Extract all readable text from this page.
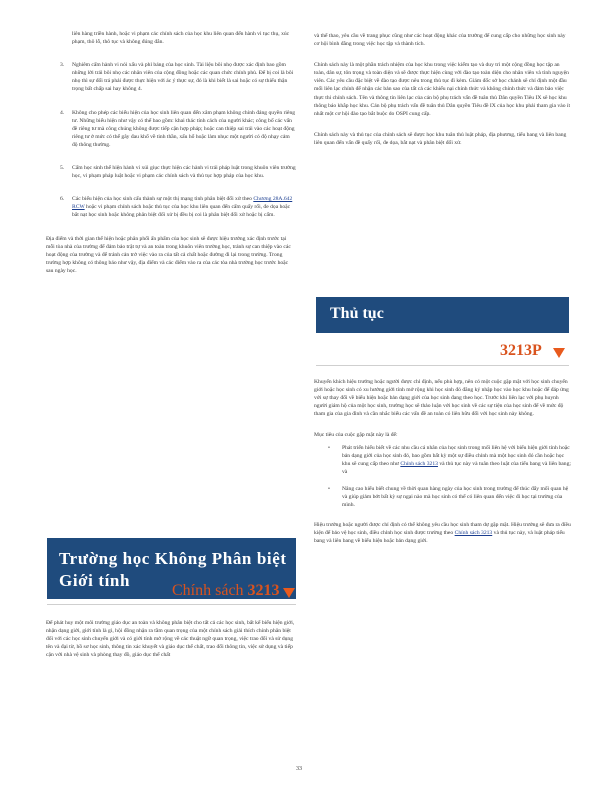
liên hàng triền hành, hoặc vi phạm các chính sách của học khu liên quan đến hành vi tục thụ, xúc phạm, thô lỗ, thô tục và không đúng đắn.

3. Nghiêm cấm hành vi nói xấu và phỉ báng của học sinh. Tài liệu bôi nhọ được xác định bao gồm những lời trái bôi nhọ các nhân viên của cộng đồng hoặc các quan chức chính phủ. Để bị coi là bôi nhọ thì sự đối trá phải được thực hiện với ác ý thực sự, đó là khi biết là sai hoặc có sự thiếu thận trọng bất chấp sai hay không 4.
4. Không cho phép các biểu hiện của học sinh liên quan đến xâm phạm không chính đáng quyền riêng tư. Những biểu hiện như vậy có thể bao gồm: khai thác tính cách của người khác; công bố các vấn đề riêng tư mà công chúng không được tiếp cận hợp pháp; hoặc can thiệp sai trái vào các hoạt động riêng tư ở mức có thể gây đau khổ về tinh thần, xấu hổ hoặc làm nhục một người có độ nhạy cảm độ thông thường.
5. Cấm học sinh thể hiện hành vi xúi giục thực hiện các hành vi trái pháp luật trong khuôn viên trường học, vi phạm pháp luật hoặc vi phạm các chính sách và thủ tục hợp pháp của học khu.
6. Các biểu hiện của học sinh cấu thành sự một thị mạng tình phân biệt đối xử theo Chương 28A.642 RCW hoặc vi phạm chính sách hoặc thủ tục của học khu liên quan đến cấm quấy rối, đe dọa hoặc bắt nạt học sinh hoặc không phân biệt đối xử bị đều bị coi là phân biệt đối xử hoặc bị cấm.

Địa điểm và thời gian thể hiện hoặc phân phối ấn phẩm của học sinh sẽ được hiệu trưởng xác định trước tại mỗi tòa nhà của trường để đảm bảo trật tự và an toàn trong khuôn viên trường học, tránh sự can thiệp vào các hoạt động của trường và để tránh cản trở việc vào ra của tất cả chất hoặc đường đi lại trong trường. Trong trường hợp không có thông báo như vậy, địa điểm và các điểm vào ra của các tòa nhà trường học trước hoặc sau ngày học.

Trường học Không Phân biệt Giới tính
Chính sách 3213

Để phát huy một môi trường giáo dục an toàn và không phân biệt cho tất cả các học sinh, bất kể biểu hiện giới, nhận dạng giới, giới tính là gì, hội đồng nhận ra tầm quan trọng của một chính sách giải thích chính phân biệt đối với các học sinh chuyển giới và có giới tính mở rộng về các thuật ngữ quan trọng, việc trao đổi và sử dụng tên và đại từ, hồ sơ học sinh, thông tin xác khuyết và giáo dục thể chất, trao đổi thông tin, việc sử dụng và tiếp cận với nhà vệ sinh và phòng thay đồ, giáo dục thể chất

và thể thao, yêu cầu về trang phục cũng như các hoạt động khác của trường để cung cấp cho những học sinh này cơ hội bình đẳng trong việc học tập và thành tích.

Chính sách này là một phần trách nhiệm của học khu trong việc kiểm tạo và duy trì một cộng đồng học tập an toàn, dân sự, tôn trọng và toàn diện và sẽ được thực hiện cùng với đào tạo toàn diện cho nhân viên và tình nguyện viên. Các yêu cầu đặc biệt về đào tạo được nêu trong thủ tục đi kèm. Giám đốc sở học chánh sẽ chỉ định một đầu mối liên lạc chính để nhận các bản sao của tất cả các khiếu nại chính thức và không chính thức và đảm bảo việc thực thi chính sách. Tên và thông tin liên lạc của cán bộ phụ trách vấn đề tuân thủ Dân quyền Tiêu IX sẽ học khu thông báo khắp học khu. Cán bộ phụ trách vấn đề tuân thủ Dân quyền Tiêu đề IX của học khu phải tham gia vào ít nhất một cơ hội đào tạo bắt buộc do OSPI cung cấp.

Chính sách này và thủ tục của chính sách sẽ được học khu tuân thủ luật pháp, địa phương, tiểu bang và liên bang liên quan đến vấn đề quấy rối, đe dọa, bắt nạt và phân biệt đối xử.

Thủ tục
3213P

Khuyến khích hiệu trưởng hoặc người được chỉ định, nếu phù hợp, nên có một cuộc gặp mặt với học sinh chuyển giới hoặc học sinh có xu hướng giới tính mở rộng khi học sinh đó đăng ký nhập học vào học khu hoặc để đáp ứng với sự thay đổi về biểu hiện hoặc bản dạng giới của học sinh đang theo học. Trước khi liên lạc với phụ huynh người giám hộ của một học sinh, trường học sẽ thảo luận với học sinh về các sự tiện của học sinh để về mức độ tham gia của gia đình và cần nhắc biểu các vấn đề an toàn có liên hữu đối với học sinh này không.

Mục tiêu của cuộc gặp mặt này là để:

• Phát triển hiểu biết về các nhu cầu cá nhân của học sinh trong mối liên hệ với biểu hiện giới tính hoặc bản dạng giới của học sinh đó, bao gồm bất kỳ một sự điều chỉnh mà một học sinh đó cần hoặc học khu sẽ cung cấp theo như Chính sách 3213 và thủ tục này và tuân theo luật của tiểu bang và liên bang; và
• Nâng cao hiểu biết chung về thời quan hàng ngày của học sinh trong trường để thúc đẩy mối quan hệ và giúp giảm bớt bất kỳ sự ngại nào mà học sinh có thể có liên quan đến việc đi học tại trường của mình.

Hiệu trưởng hoặc người được chỉ định có thể không yêu cầu học sinh tham dự gặp mặt. Hiệu trưởng sẽ đưa ra điều kiện để bảo vệ học sinh, điều chỉnh học sinh được trường theo Chính sách 3213 và thủ tục này, và luật pháp tiểu bang và liên bang về biểu hiện hoặc bản dạng giới.

33
